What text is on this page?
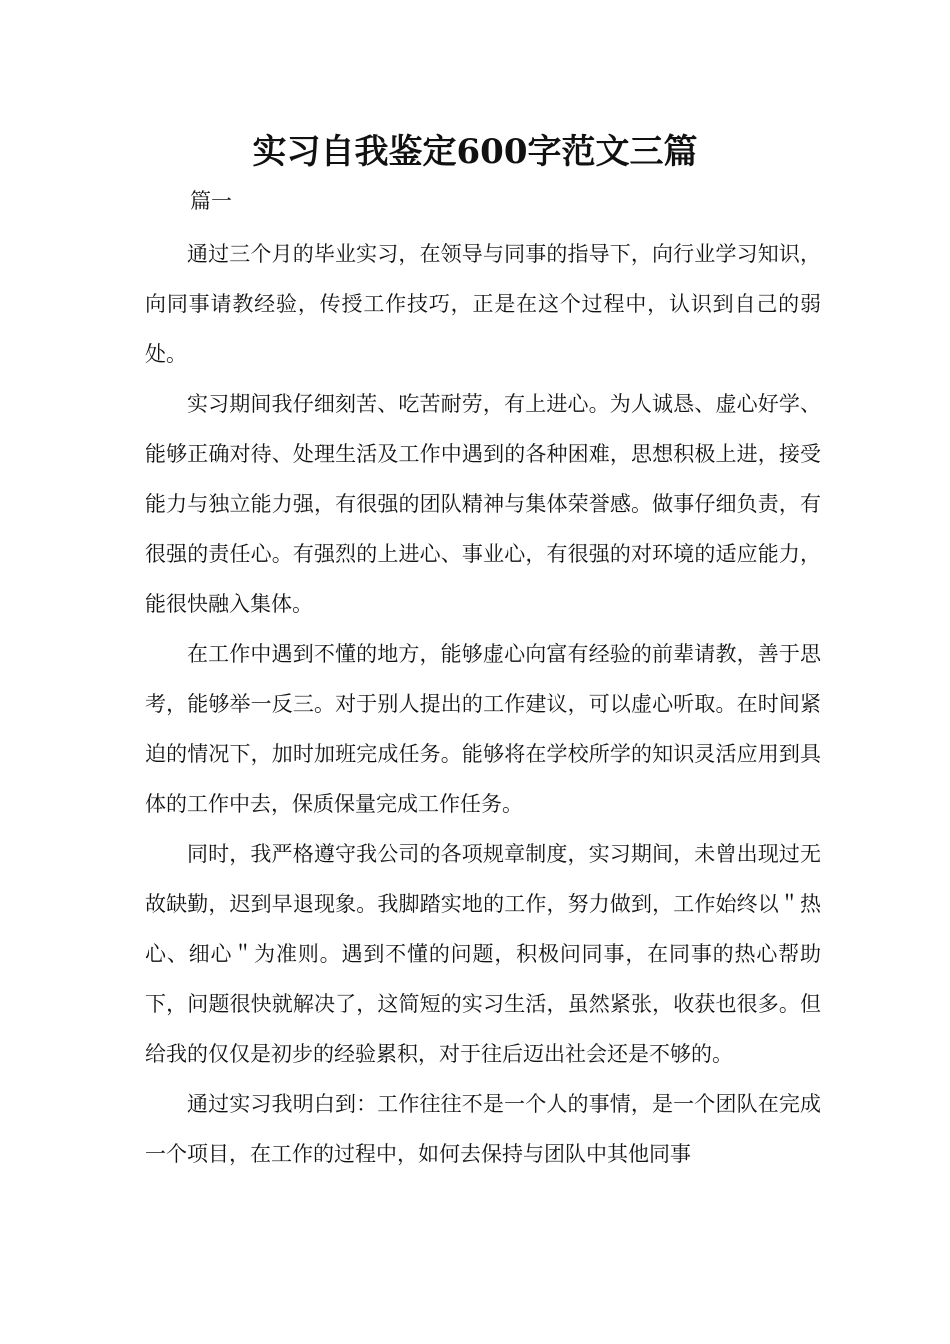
实习自我鉴定600字范文三篇

篇一

通过三个月的毕业实习，在领导与同事的指导下，向行业学习知识，向同事请教经验，传授工作技巧，正是在这个过程中，认识到自己的弱处。

实习期间我仔细刻苦、吃苦耐劳，有上进心。为人诚恳、虚心好学、能够正确对待、处理生活及工作中遇到的各种困难，思想积极上进，接受能力与独立能力强，有很强的团队精神与集体荣誉感。做事仔细负责，有很强的责任心。有强烈的上进心、事业心，有很强的对环境的适应能力，能很快融入集体。

在工作中遇到不懂的地方，能够虚心向富有经验的前辈请教，善于思考，能够举一反三。对于别人提出的工作建议，可以虚心听取。在时间紧迫的情况下，加时加班完成任务。能够将在学校所学的知识灵活应用到具体的工作中去，保质保量完成工作任务。

同时，我严格遵守我公司的各项规章制度，实习期间，未曾出现过无故缺勤，迟到早退现象。我脚踏实地的工作，努力做到，工作始终以＂热心、细心＂为准则。遇到不懂的问题，积极问同事，在同事的热心帮助下，问题很快就解决了，这简短的实习生活，虽然紧张，收获也很多。但给我的仅仅是初步的经验累积，对于往后迈出社会还是不够的。

通过实习我明白到：工作往往不是一个人的事情，是一个团队在完成一个项目，在工作的过程中，如何去保持与团队中其他同事
